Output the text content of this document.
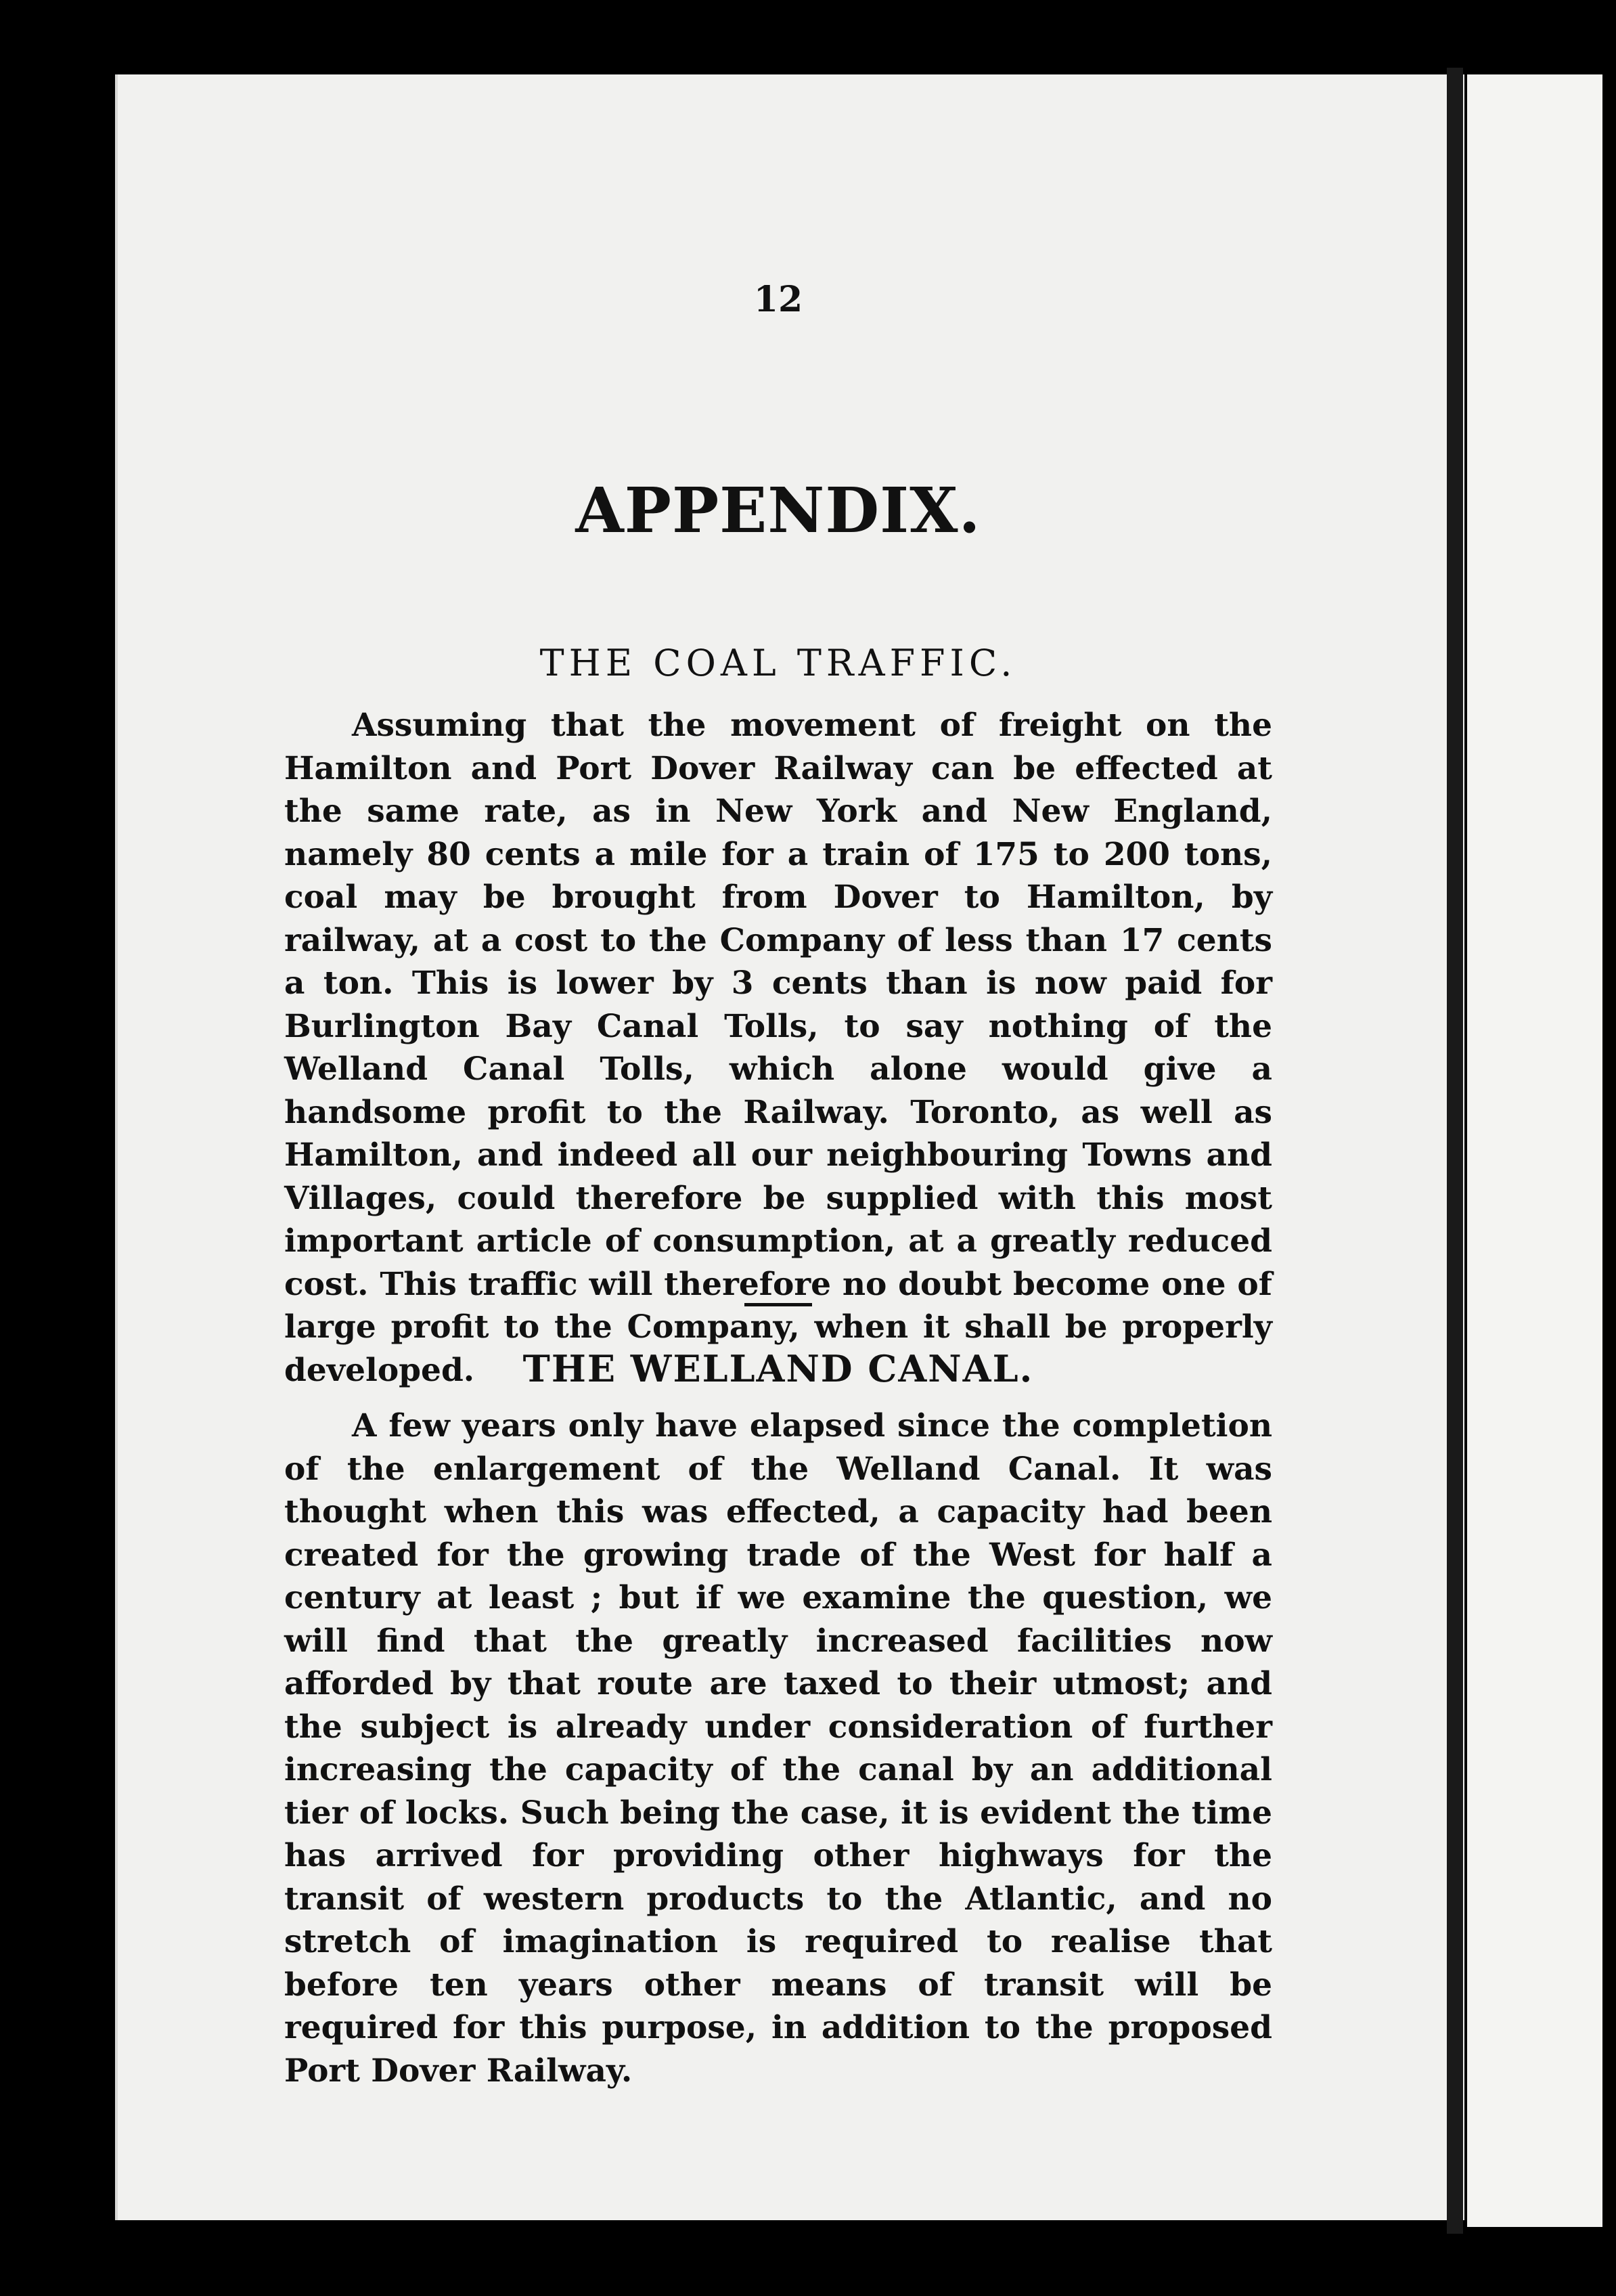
12
APPENDIX.
THE COAL TRAFFIC.

Assuming that the movement of freight on the Hamilton and Port Dover Railway can be effected at the same rate, as in New York and New England, namely 80 cents a mile for a train of 175 to 200 tons, coal may be brought from Dover to Hamilton, by railway, at a cost to the Company of less than 17 cents a ton. This is lower by 3 cents than is now paid for Burlington Bay Canal Tolls, to say nothing of the Welland Canal Tolls, which alone would give a handsome profit to the Railway. Toronto, as well as Hamilton, and indeed all our neighbouring Towns and Villages, could therefore be supplied with this most important article of consumption, at a greatly reduced cost. This traffic will therefore no doubt become one of large profit to the Company, when it shall be properly developed.	THE WELLAND CANAL.

A few years only have elapsed since the completion of the enlargement of the Welland Canal. It was thought when this was effected, a capacity had been created for the growing trade of the West for half a century at least ; but if we examine the question, we will find that the greatly increased facilities now afforded by that route are taxed to their utmost; and the subject is already under consideration of further increasing the capacity of the canal by an additional tier of locks. Such being the case, it is evident the time has arrived for providing other highways for the transit of western products to the Atlantic, and no stretch of imagination is required to realise that before ten years other means of transit will be required for this purpose, in addition to the proposed Port Dover Railway.
